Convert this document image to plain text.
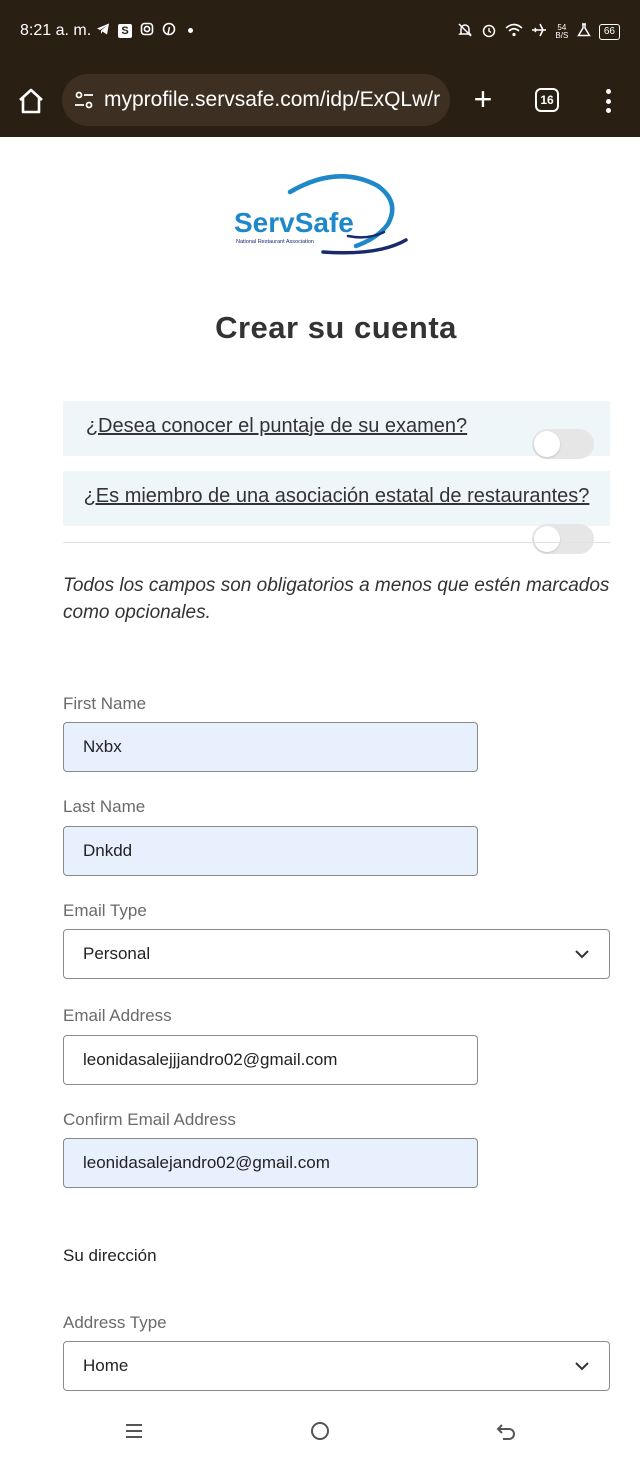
8:21 a. m.	S	54 B/S	66
myprofile.servsafe.com/idp/ExQLw/r +	16
ServSafe
National Restaurant Association
Crear su cuenta
¿Desea conocer el puntaje de su examen?
¿Es miembro de una asociación estatal de restaurantes?

Todos los campos son obligatorios a menos que estén marcados como opcionales.

First Name
Nxbx
Last Name
Dnkdd
Email Type
Personal
Email Address
leonidasalejjjandro02@gmail.com
Confirm Email Address
leonidasalejandro02@gmail.com
Su dirección
Address Type
Home
